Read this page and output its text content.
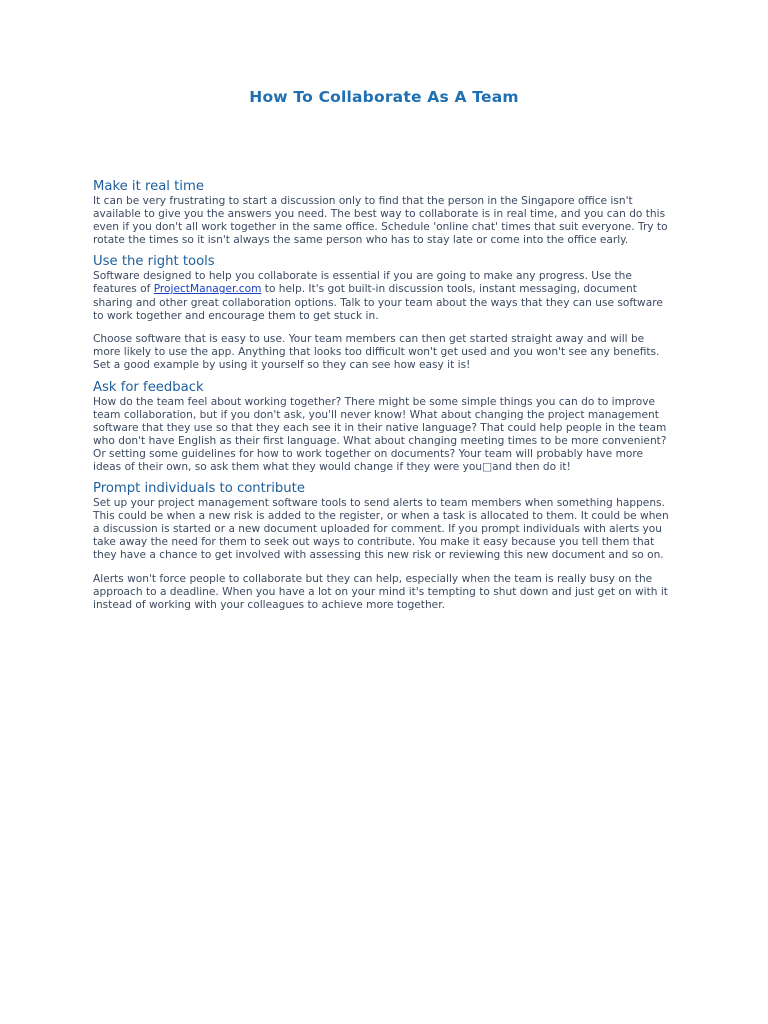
How To Collaborate As A Team
Make it real time

It can be very frustrating to start a discussion only to find that the person in the Singapore office isn't available to give you the answers you need. The best way to collaborate is in real time, and you can do this even if you don't all work together in the same office. Schedule 'online chat' times that suit everyone. Try to rotate the times so it isn't always the same person who has to stay late or come into the office early.

Use the right tools

Software designed to help you collaborate is essential if you are going to make any progress. Use the features of ProjectManager.com to help. It's got built-in discussion tools, instant messaging, document sharing and other great collaboration options. Talk to your team about the ways that they can use software to work together and encourage them to get stuck in.

Choose software that is easy to use. Your team members can then get started straight away and will be more likely to use the app. Anything that looks too difficult won't get used and you won't see any benefits. Set a good example by using it yourself so they can see how easy it is!

Ask for feedback

How do the team feel about working together? There might be some simple things you can do to improve team collaboration, but if you don't ask, you'll never know! What about changing the project management software that they use so that they each see it in their native language? That could help people in the team who don't have English as their first language. What about changing meeting times to be more convenient? Or setting some guidelines for how to work together on documents? Your team will probably have more ideas of their own, so ask them what they would change if they were you□and then do it!

Prompt individuals to contribute

Set up your project management software tools to send alerts to team members when something happens. This could be when a new risk is added to the register, or when a task is allocated to them. It could be when a discussion is started or a new document uploaded for comment. If you prompt individuals with alerts you take away the need for them to seek out ways to contribute. You make it easy because you tell them that they have a chance to get involved with assessing this new risk or reviewing this new document and so on.

Alerts won't force people to collaborate but they can help, especially when the team is really busy on the approach to a deadline. When you have a lot on your mind it's tempting to shut down and just get on with it instead of working with your colleagues to achieve more together.
